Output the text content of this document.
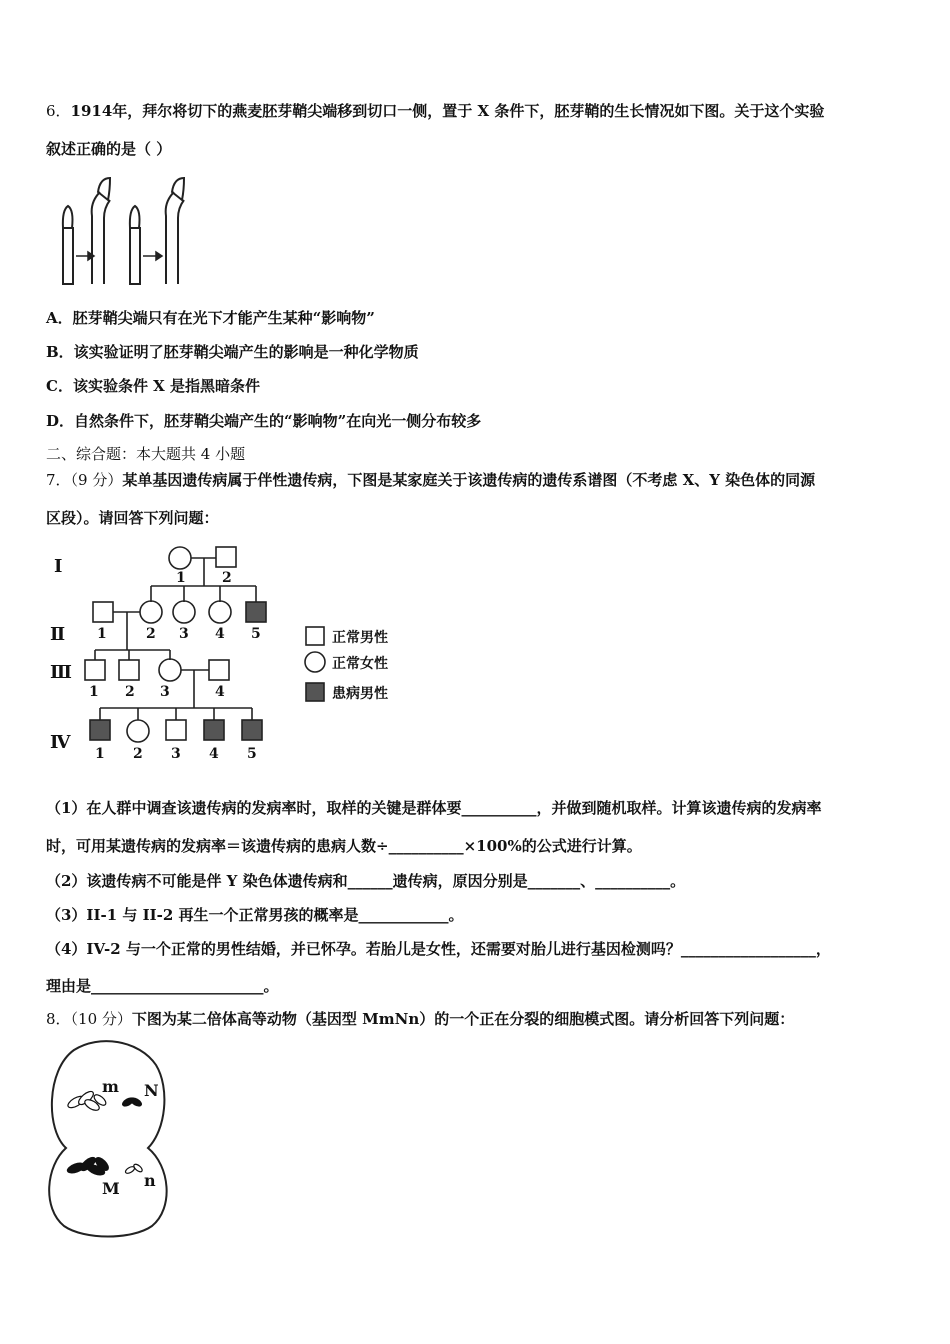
6．1914年，拜尔将切下的燕麦胚芽鞘尖端移到切口一侧，置于 X 条件下，胚芽鞘的生长情况如下图。关于这个实验
叙述正确的是（ ）
A．胚芽鞘尖端只有在光下才能产生某种“影响物”
B．该实验证明了胚芽鞘尖端产生的影响是一种化学物质
C．该实验条件 X 是指黑暗条件
D．自然条件下，胚芽鞘尖端产生的“影响物”在向光一侧分布较多
二、综合题：本大题共 4 小题
7．（9 分）某单基因遗传病属于伴性遗传病，下图是某家庭关于该遗传病的遗传系谱图（不考虑 X、Y 染色体的同源
区段）。请回答下列问题：
Ⅰ
Ⅱ
Ⅲ
Ⅳ
1	2
1	2 3 4 5
1 2 3	4
1 2 3 4 5
正常男性
正常女性
患病男性
（1）在人群中调查该遗传病的发病率时，取样的关键是群体要__________，并做到随机取样。计算该遗传病的发病率
时，可用某遗传病的发病率＝该遗传病的患病人数÷__________×100%的公式进行计算。
（2）该遗传病不可能是伴 Y 染色体遗传病和______遗传病，原因分别是_______、__________。
（3）II-1 与 II-2 再生一个正常男孩的概率是____________。
（4）IV-2 与一个正常的男性结婚，并已怀孕。若胎儿是女性，还需要对胎儿进行基因检测吗？__________________，
理由是_______________________。
8．（10 分）下图为某二倍体高等动物（基因型 MmNn）的一个正在分裂的细胞模式图。请分析回答下列问题：
m N
M n
